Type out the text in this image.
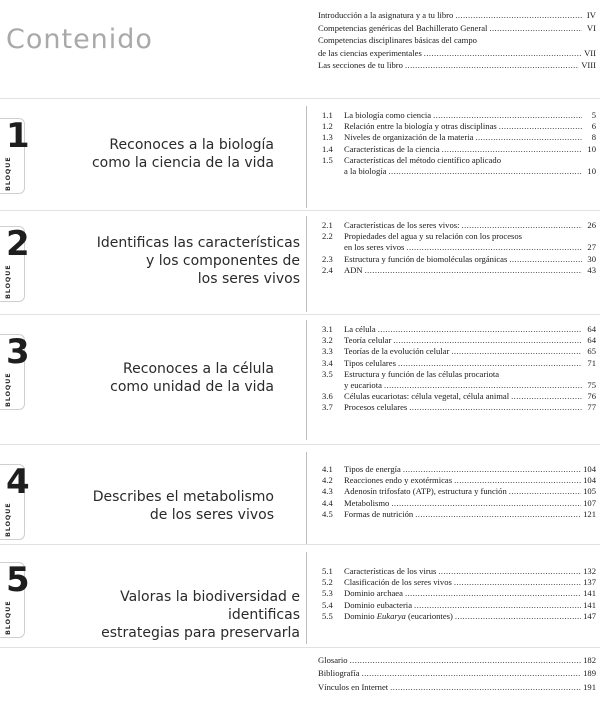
Contenido
Introducción a la asignatura y a tu libro .....	IV
Competencias genéricas del Bachillerato General .....	VI
Competencias disciplinares básicas del campo
de las ciencias experimentales .....	VII
Las secciones de tu libro .....	VIII
1
BLOQUE
Reconoces a la biología
como la ciencia de la vida
1.1	La biología como ciencia .....	5
1.2	Relación entre la biología y otras disciplinas .....	6
1.3	Niveles de organización de la materia .....	8
1.4	Características de la ciencia .....	10
1.5	Características del método científico aplicado
a la biología .....	10
2
BLOQUE
Identificas las características
y los componentes de
los seres vivos
2.1	Características de los seres vivos: .....	26
2.2	Propiedades del agua y su relación con los procesos
en los seres vivos .....	27
2.3	Estructura y función de biomoléculas orgánicas .....	30
2.4	ADN .....	43
3
BLOQUE
Reconoces a la célula
como unidad de la vida
3.1	La célula .....	64
3.2	Teoría celular .....	64
3.3	Teorías de la evolución celular .....	65
3.4	Tipos celulares .....	71
3.5	Estructura y función de las células procariota
y eucariota .....	75
3.6	Células eucariotas: célula vegetal, célula animal .....	76
3.7	Procesos celulares .....	77
4
BLOQUE
Describes el metabolismo
de los seres vivos
4.1	Tipos de energía .....	104
4.2	Reacciones endo y exotérmicas .....	104
4.3	Adenosín trifosfato (ATP), estructura y función .....	105
4.4	Metabolismo .....	107
4.5	Formas de nutrición .....	121
5
BLOQUE
Valoras la biodiversidad e identificas
estrategias para preservarla
5.1	Características de los virus .....	132
5.2	Clasificación de los seres vivos .....	137
5.3	Dominio archaea .....	141
5.4	Dominio eubacteria .....	141
5.5	Dominio Eukarya (eucariontes) .....	147
Glosario .....	182
Bibliografía .....	189
Vínculos en Internet .....	191
